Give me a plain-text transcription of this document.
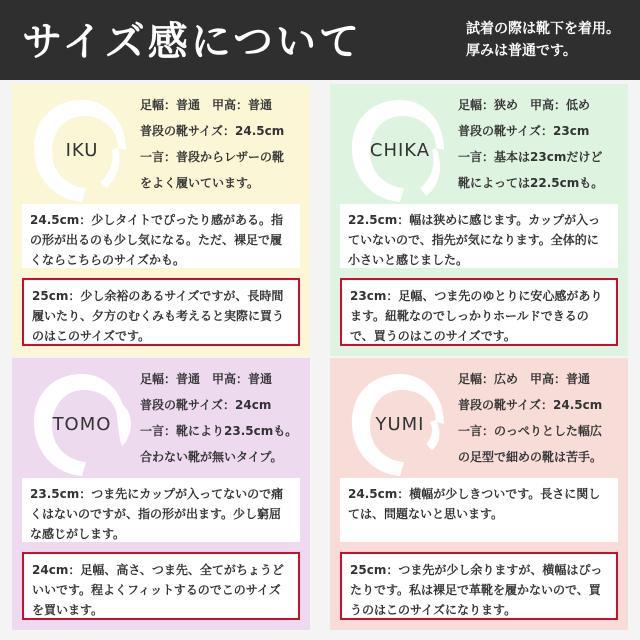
サイズ感について	試着の際は靴下を着用。
厚みは普通です。
IKU
足幅：普通　甲高：普通
普段の靴サイズ：24.5cm
一言：普段からレザーの靴
をよく履いています。
24.5cm：少しタイトでぴったり感がある。指の形が出るのも少し気になる。ただ、裸足で履くならこちらのサイズかも。
25cm：少し余裕のあるサイズですが、長時間履いたり、夕方のむくみも考えると実際に買うのはこのサイズです。
CHIKA
足幅：狭め　甲高：低め
普段の靴サイズ：23cm
一言：基本は23cmだけど
靴によっては22.5cmも。
22.5cm：幅は狭めに感じます。カップが入っていないので、指先が気になります。全体的に小さいと感じました。
23cm：足幅、つま先のゆとりに安心感があります。紐靴なのでしっかりホールドできるので、買うのはこのサイズです。
TOMO
足幅：普通　甲高：普通
普段の靴サイズ：24cm
一言：靴により23.5cmも。
合わない靴が無いタイプ。
23.5cm：つま先にカップが入ってないので痛くはないのですが、指の形が出ます。少し窮屈な感じがします。
24cm：足幅、高さ、つま先、全てがちょうどいいです。程よくフィットするのでこのサイズを買います。
YUMI
足幅：広め　甲高：普通
普段の靴サイズ：24.5cm
一言：のっぺりとした幅広
の足型で細めの靴は苦手。
24.5cm：横幅が少しきついです。長さに関しては、問題ないと思います。
25cm：つま先が少し余りますが、横幅はぴったりです。私は裸足で革靴を履かないので、買うのはこのサイズになります。
